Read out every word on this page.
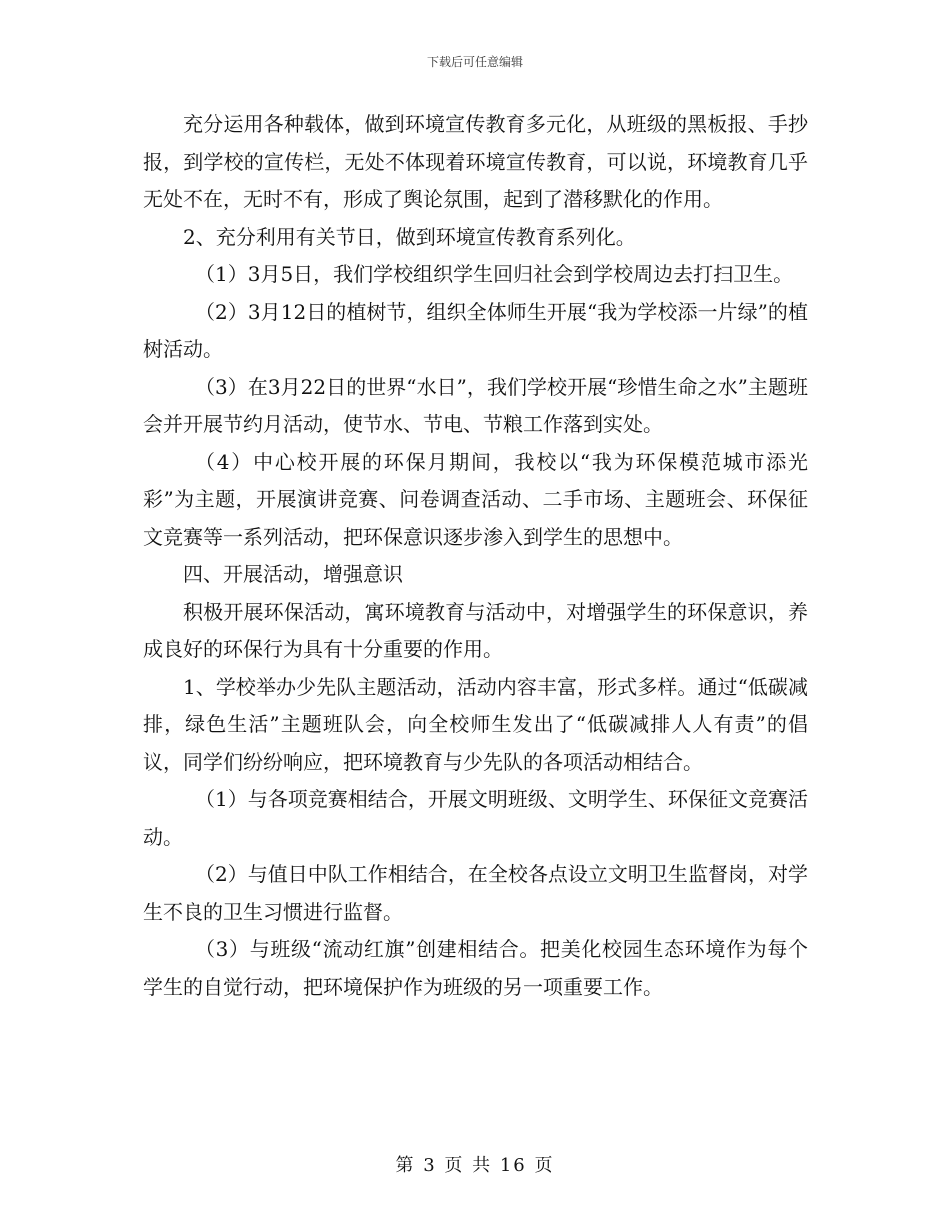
下载后可任意编辑

充分运用各种载体，做到环境宣传教育多元化，从班级的黑板报、手抄报，到学校的宣传栏，无处不体现着环境宣传教育，可以说，环境教育几乎无处不在，无时不有，形成了舆论氛围，起到了潜移默化的作用。

2、充分利用有关节日，做到环境宣传教育系列化。

（1）3月5日，我们学校组织学生回归社会到学校周边去打扫卫生。

（2）3月12日的植树节，组织全体师生开展“我为学校添一片绿”的植树活动。

（3）在3月22日的世界“水日”，我们学校开展“珍惜生命之水”主题班会并开展节约月活动，使节水、节电、节粮工作落到实处。

（4）中心校开展的环保月期间，我校以“我为环保模范城市添光彩”为主题，开展演讲竞赛、问卷调查活动、二手市场、主题班会、环保征文竞赛等一系列活动，把环保意识逐步渗入到学生的思想中。

四、开展活动，增强意识

积极开展环保活动，寓环境教育与活动中，对增强学生的环保意识，养成良好的环保行为具有十分重要的作用。

1、学校举办少先队主题活动，活动内容丰富，形式多样。通过“低碳减排，绿色生活”主题班队会，向全校师生发出了“低碳减排人人有责”的倡议，同学们纷纷响应，把环境教育与少先队的各项活动相结合。

（1）与各项竞赛相结合，开展文明班级、文明学生、环保征文竞赛活动。

（2）与值日中队工作相结合，在全校各点设立文明卫生监督岗，对学生不良的卫生习惯进行监督。

（3）与班级“流动红旗”创建相结合。把美化校园生态环境作为每个学生的自觉行动，把环境保护作为班级的另一项重要工作。

第 3 页 共 16 页
